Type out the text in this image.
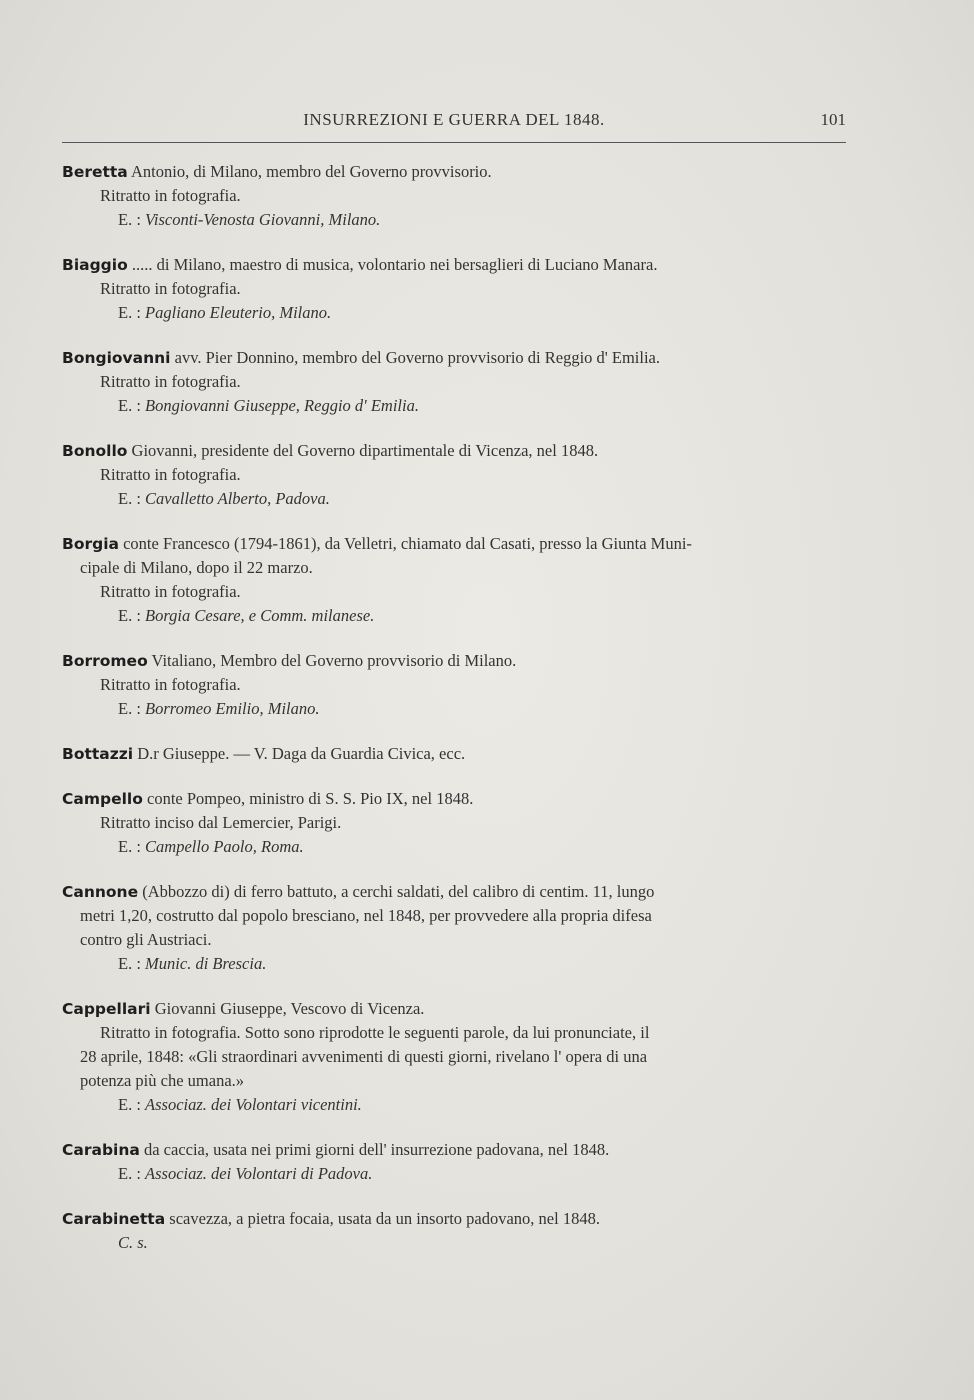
INSURREZIONI E GUERRA DEL 1848.	101
Beretta Antonio, di Milano, membro del Governo provvisorio.
Ritratto in fotografia.
E. : Visconti-Venosta Giovanni, Milano.
Biaggio ..... di Milano, maestro di musica, volontario nei bersaglieri di Luciano Manara.
Ritratto in fotografia.
E. : Pagliano Eleuterio, Milano.
Bongiovanni avv. Pier Donnino, membro del Governo provvisorio di Reggio d' Emilia.
Ritratto in fotografia.
E. : Bongiovanni Giuseppe, Reggio d' Emilia.
Bonollo Giovanni, presidente del Governo dipartimentale di Vicenza, nel 1848.
Ritratto in fotografia.
E. : Cavalletto Alberto, Padova.
Borgia conte Francesco (1794-1861), da Velletri, chiamato dal Casati, presso la Giunta Muni-
cipale di Milano, dopo il 22 marzo.
Ritratto in fotografia.
E. : Borgia Cesare, e Comm. milanese.
Borromeo Vitaliano, Membro del Governo provvisorio di Milano.
Ritratto in fotografia.
E. : Borromeo Emilio, Milano.
Bottazzi D.r Giuseppe. — V. Daga da Guardia Civica, ecc.
Campello conte Pompeo, ministro di S. S. Pio IX, nel 1848.
Ritratto inciso dal Lemercier, Parigi.
E. : Campello Paolo, Roma.
Cannone (Abbozzo di) di ferro battuto, a cerchi saldati, del calibro di centim. 11, lungo
metri 1,20, costrutto dal popolo bresciano, nel 1848, per provvedere alla propria difesa
contro gli Austriaci.
E. : Munic. di Brescia.
Cappellari Giovanni Giuseppe, Vescovo di Vicenza.
Ritratto in fotografia. Sotto sono riprodotte le seguenti parole, da lui pronunciate, il
28 aprile, 1848: «Gli straordinari avvenimenti di questi giorni, rivelano l' opera di una
potenza più che umana.»
E. : Associaz. dei Volontari vicentini.
Carabina da caccia, usata nei primi giorni dell' insurrezione padovana, nel 1848.
E. : Associaz. dei Volontari di Padova.
Carabinetta scavezza, a pietra focaia, usata da un insorto padovano, nel 1848.
C. s.
